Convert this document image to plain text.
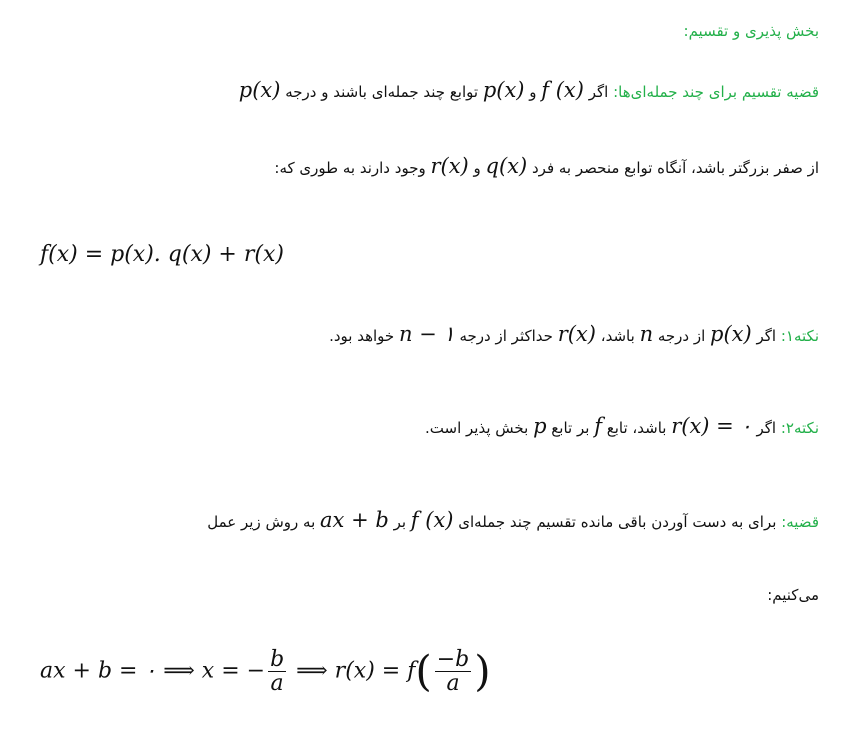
بخش پذیری و تقسیم:
قضیه تقسیم برای چند جمله‌ای‌ها: اگر f (x) و p(x) توابع چند جمله‌ای باشند و درجه p(x)
از صفر بزرگتر باشد، آنگاه توابع منحصر به فرد q(x) و r(x) وجود دارند به طوری که:
f(x) = p(x). q(x) + r(x)
نکته۱: اگر p(x) از درجه n باشد، r(x) حداکثر از درجه n − ۱ خواهد بود.
نکته۲: اگر r(x) = ۰ باشد، تابع f بر تابع p بخش پذیر است.
قضیه: برای به دست آوردن باقی مانده تقسیم چند جمله‌ای f (x) بر ax + b به روش زیر عمل
می‌کنیم:
ax + b = ۰ ⟹ x = − $\frac{b}{a}$ ⟹ $r(x) = f( \frac{-b}{a}$ )
